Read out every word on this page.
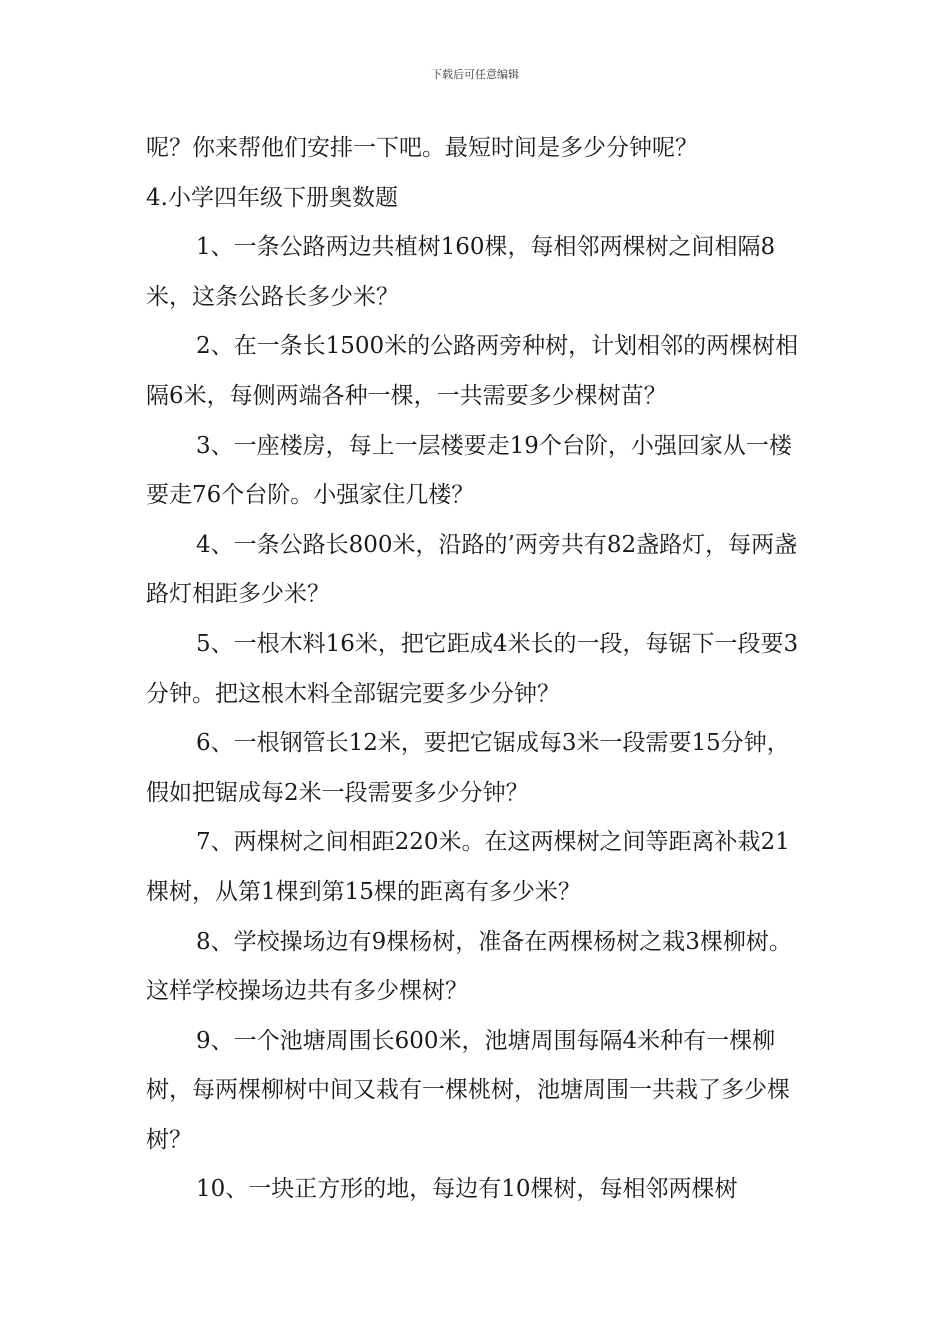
下载后可任意编辑

呢？你来帮他们安排一下吧。最短时间是多少分钟呢？

4.小学四年级下册奥数题

1、一条公路两边共植树160棵，每相邻两棵树之间相隔8米，这条公路长多少米？

2、在一条长1500米的公路两旁种树，计划相邻的两棵树相隔6米，每侧两端各种一棵，一共需要多少棵树苗？

3、一座楼房，每上一层楼要走19个台阶，小强回家从一楼要走76个台阶。小强家住几楼？

4、一条公路长800米，沿路的’两旁共有82盏路灯，每两盏路灯相距多少米？

5、一根木料16米，把它距成4米长的一段，每锯下一段要3分钟。把这根木料全部锯完要多少分钟？

6、一根钢管长12米，要把它锯成每3米一段需要15分钟，假如把锯成每2米一段需要多少分钟？

7、两棵树之间相距220米。在这两棵树之间等距离补栽21棵树，从第1棵到第15棵的距离有多少米？

8、学校操场边有9棵杨树，准备在两棵杨树之栽3棵柳树。这样学校操场边共有多少棵树？

9、一个池塘周围长600米，池塘周围每隔4米种有一棵柳树，每两棵柳树中间又栽有一棵桃树，池塘周围一共栽了多少棵树？

10、一块正方形的地，每边有10棵树，每相邻两棵树
